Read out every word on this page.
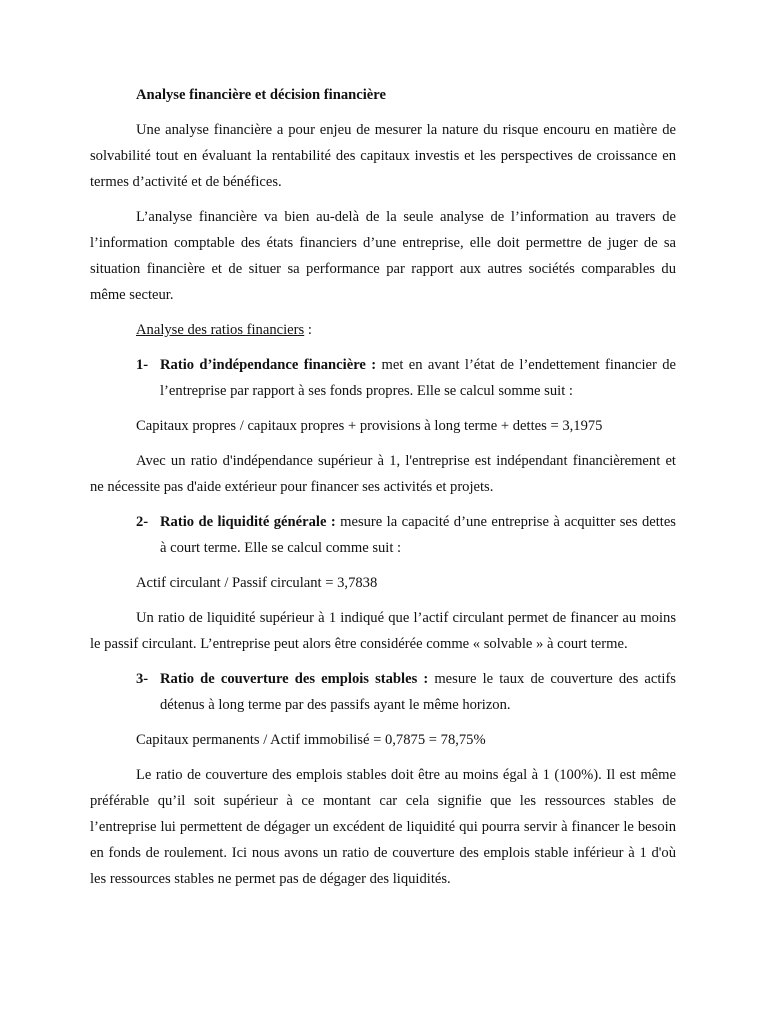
Analyse financière et décision financière

Une analyse financière a pour enjeu de mesurer la nature du risque encouru en matière de solvabilité tout en évaluant la rentabilité des capitaux investis et les perspectives de croissance en termes d’activité et de bénéfices.

L’analyse financière va bien au-delà de la seule analyse de l’information au travers de l’information comptable des états financiers d’une entreprise, elle doit permettre de juger de sa situation financière et de situer sa performance par rapport aux autres sociétés comparables du même secteur.

Analyse des ratios financiers :

1- Ratio d’indépendance financière : met en avant l’état de l’endettement financier de l’entreprise par rapport à ses fonds propres. Elle se calcul somme suit :

Capitaux propres / capitaux propres + provisions à long terme + dettes = 3,1975

Avec un ratio d'indépendance supérieur à 1, l'entreprise est indépendant financièrement et ne nécessite pas d'aide extérieur pour financer ses activités et projets.

2- Ratio de liquidité générale : mesure la capacité d’une entreprise à acquitter ses dettes à court terme. Elle se calcul comme suit :

Actif circulant / Passif circulant = 3,7838

Un ratio de liquidité supérieur à 1 indiqué que l’actif circulant permet de financer au moins le passif circulant. L’entreprise peut alors être considérée comme « solvable » à court terme.

3- Ratio de couverture des emplois stables : mesure le taux de couverture des actifs détenus à long terme par des passifs ayant le même horizon.

Capitaux permanents / Actif immobilisé = 0,7875 = 78,75%

Le ratio de couverture des emplois stables doit être au moins égal à 1 (100%). Il est même préférable qu’il soit supérieur à ce montant car cela signifie que les ressources stables de l’entreprise lui permettent de dégager un excédent de liquidité qui pourra servir à financer le besoin en fonds de roulement. Ici nous avons un ratio de couverture des emplois stable inférieur à 1 d'où les ressources stables ne permet pas de dégager des liquidités.
